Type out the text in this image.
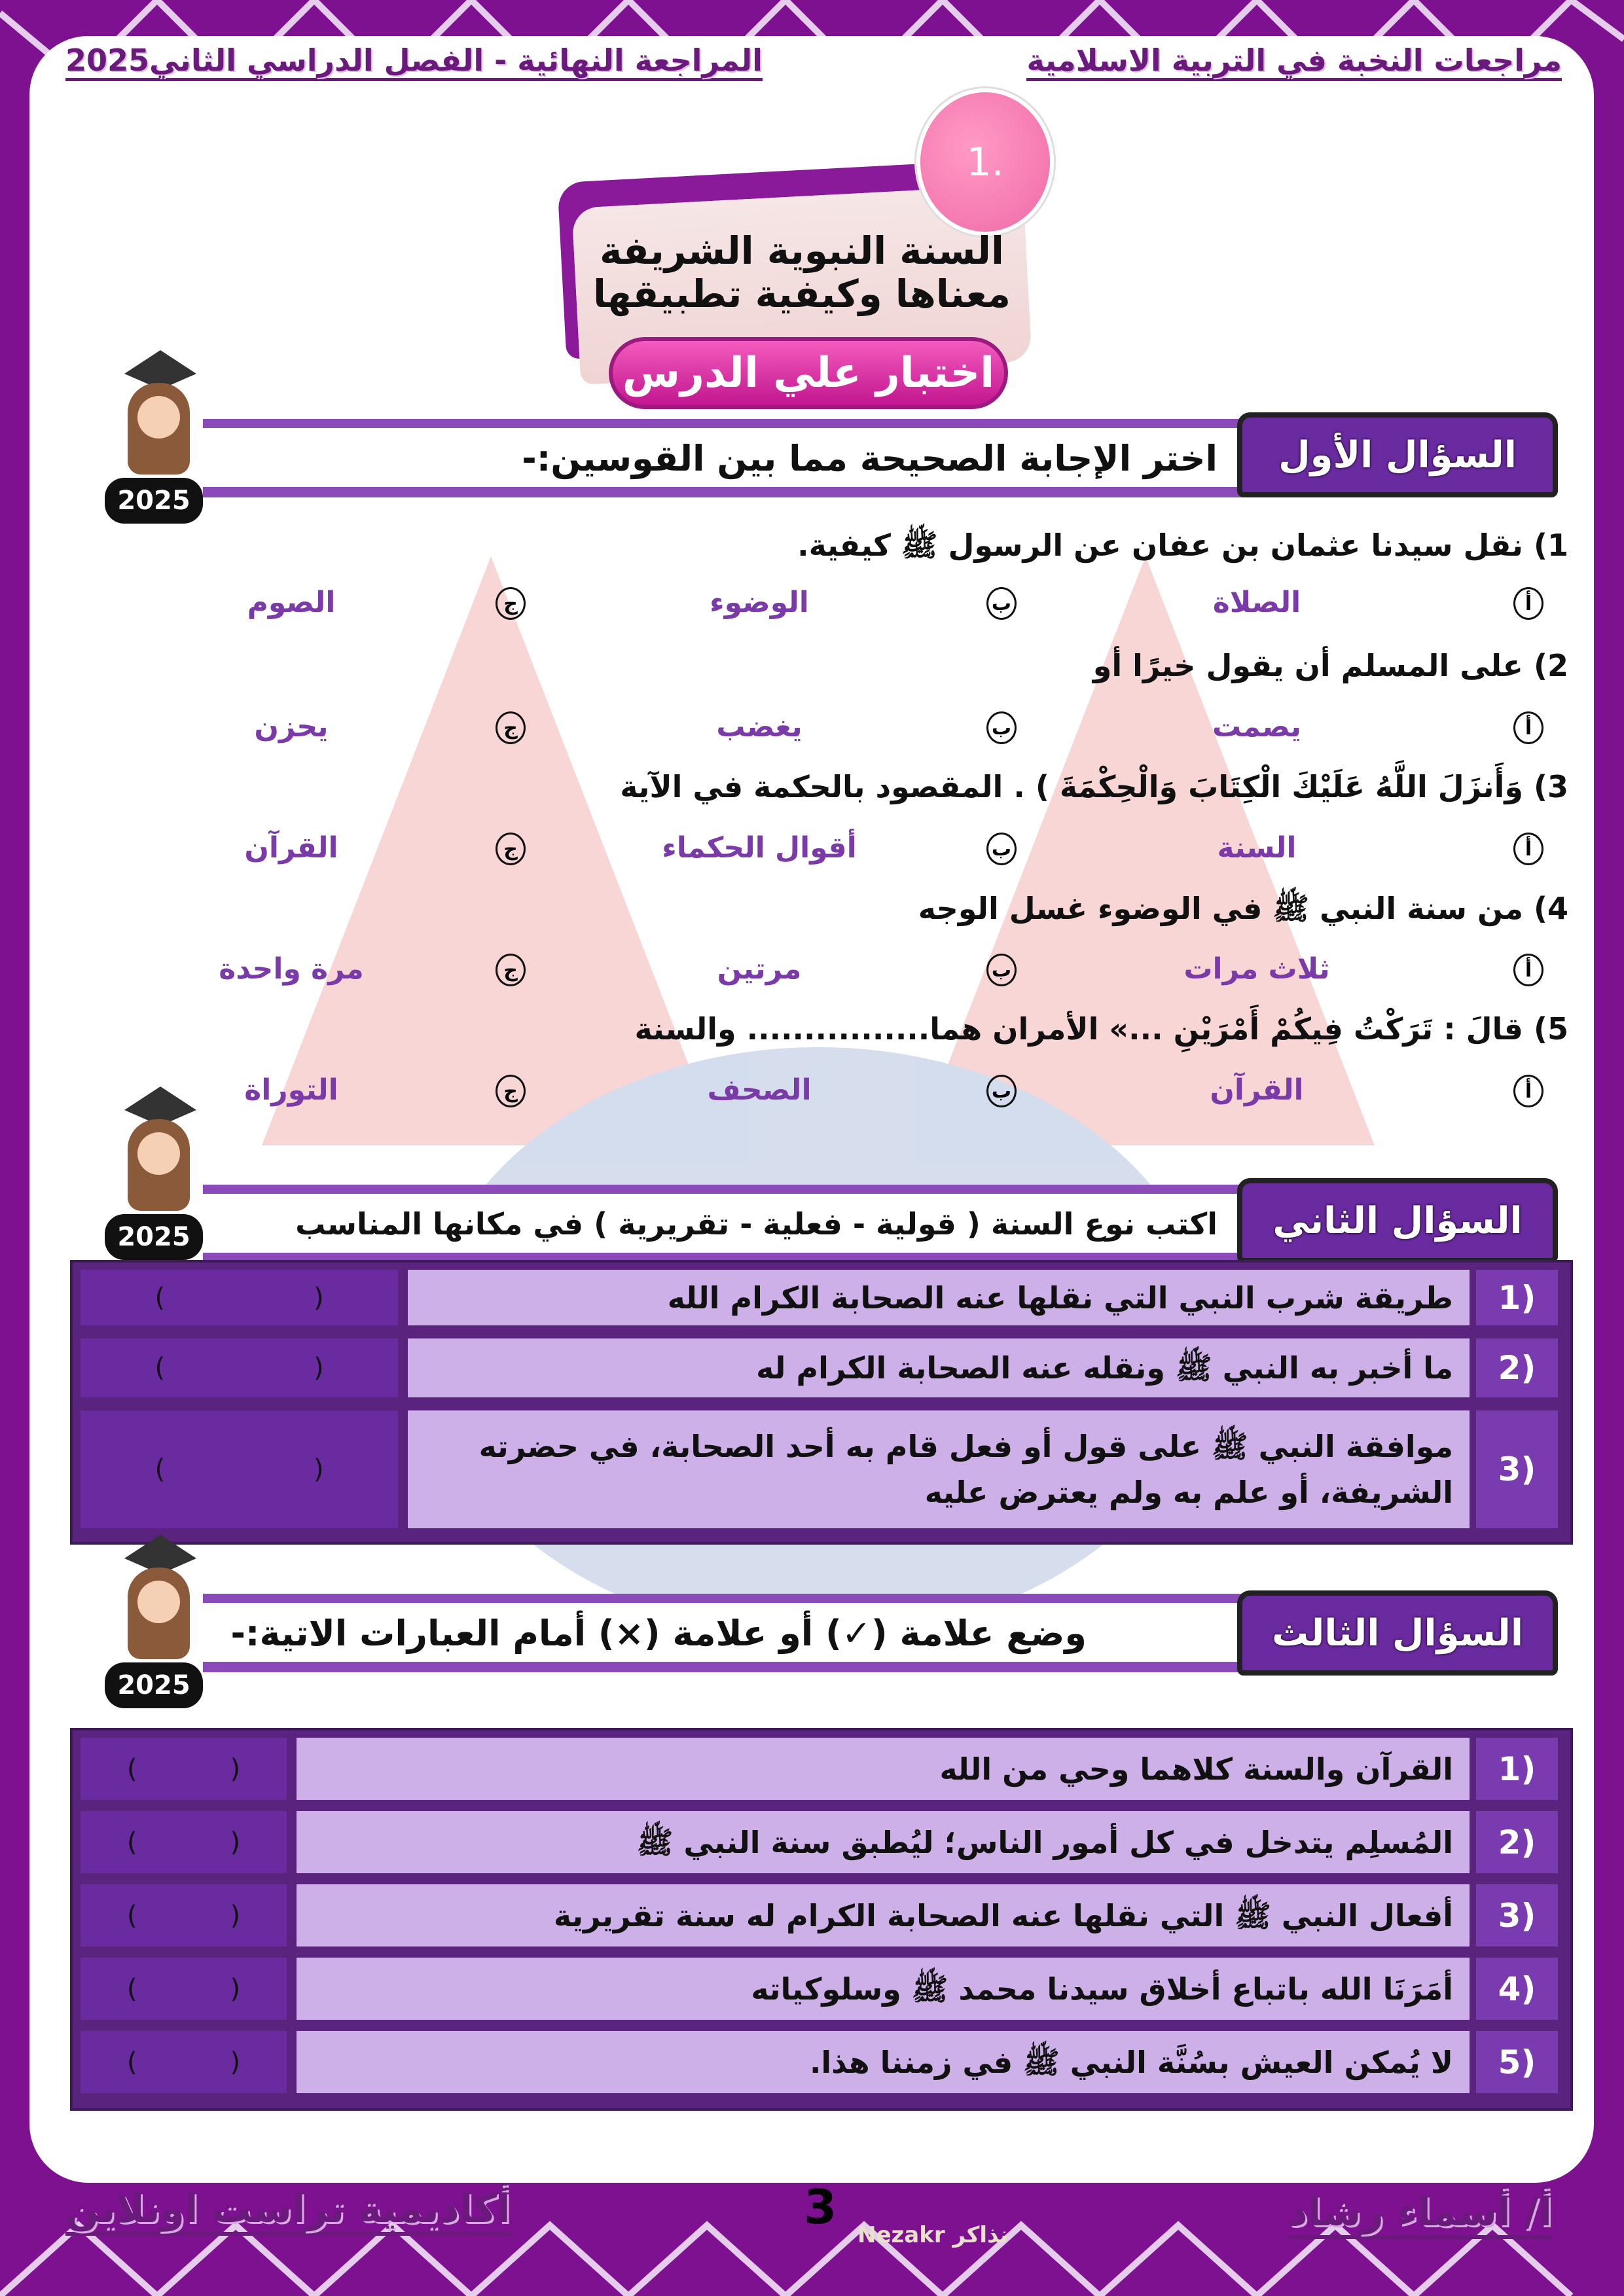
المراجعة النهائية - الفصل الدراسي الثاني2025	مراجعات النخبة في التربية الاسلامية
1.
السنة النبوية الشريفة
معناها وكيفية تطبيقها
اختبار علي الدرس
اختر الإجابة الصحيحة مما بين القوسين:-	السؤال الأول
1) نقل سيدنا عثمان بن عفان عن الرسول ﷺ كيفية.
أ
الصلاة
ب
الوضوء
ج
الصوم
2) على المسلم أن يقول خيرًا أو
أ
يصمت
ب
يغضب
ج
يحزن
3) وَأَنزَلَ اللَّهُ عَلَيْكَ الْكِتَابَ وَالْحِكْمَةَ ) . المقصود بالحكمة في الآية
أ
السنة
ب
أقوال الحكماء
ج
القرآن
4) من سنة النبي ﷺ في الوضوء غسل الوجه
أ
ثلاث مرات
ب
مرتين
ج
مرة واحدة
5) قالَ : تَرَكْتُ فِيكُمْ أَمْرَيْنِ ...» الأمران هما................ والسنة
أ
القرآن
ب
الصحف
ج
التوراة
اكتب نوع السنة ( قولية - فعلية - تقريرية ) في مكانها المناسب	السؤال الثاني
1)
طريقة شرب النبي التي نقلها عنه الصحابة الكرام الله
(	)
2)
ما أخبر به النبي ﷺ ونقله عنه الصحابة الكرام له
(	)
3)
موافقة النبي ﷺ على قول أو فعل قام به أحد الصحابة، في حضرته الشريفة، أو علم به ولم يعترض عليه
(	)
وضع علامة (✓) أو علامة (×) أمام العبارات الاتية:-	السؤال الثالث
1)
القرآن والسنة كلاهما وحي من الله
(	)
2)
المُسلِم يتدخل في كل أمور الناس؛ ليُطبق سنة النبي ﷺ
(	)
3)
أفعال النبي ﷺ التي نقلها عنه الصحابة الكرام له سنة تقريرية
(	)
4)
أمَرَنَا الله باتباع أخلاق سيدنا محمد ﷺ وسلوكياته
(	)
5)
لا يُمكن العيش بسُنَّة النبي ﷺ في زمننا هذا.
(	)
2025
2025
2025
أكاديمية تراست اونلاين	أ/ أسماء رشاد
Nezakr نذاكر
3
